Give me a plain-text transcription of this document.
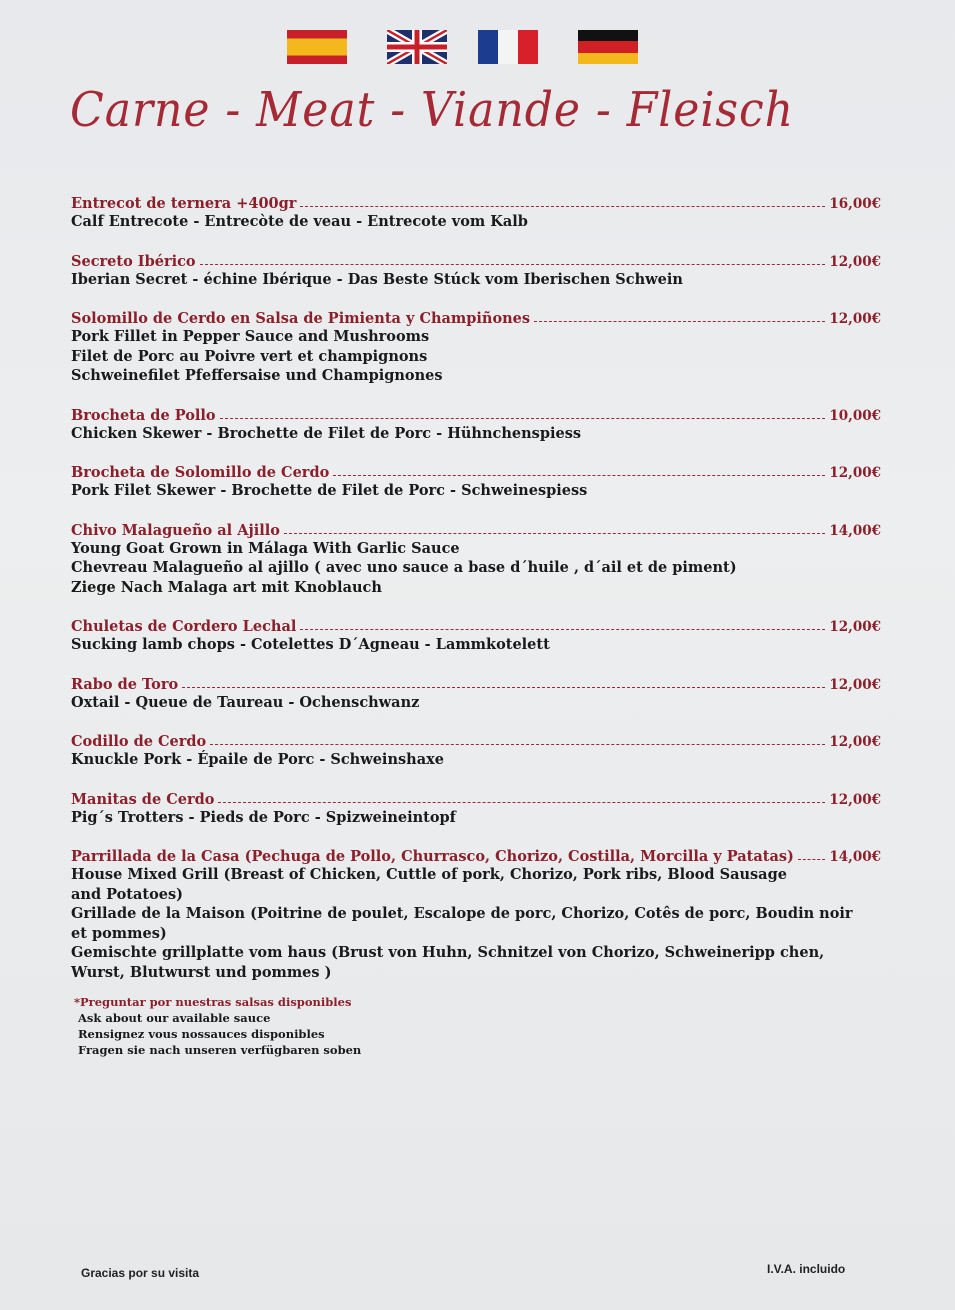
Carne - Meat - Viande - Fleisch
Entrecot de ternera +400gr	16,00€
Calf Entrecote - Entrecòte de veau - Entrecote vom Kalb
Secreto Ibérico	12,00€
Iberian Secret - échine Ibérique - Das Beste Stúck vom Iberischen Schwein
Solomillo de Cerdo en Salsa de Pimienta y Champiñones	12,00€
Pork Fillet in Pepper Sauce and Mushrooms
Filet de Porc au Poivre vert et champignons
Schweinefilet Pfeffersaise und Champignones
Brocheta de Pollo	10,00€
Chicken Skewer - Brochette de Filet de Porc - Hühnchenspiess
Brocheta de Solomillo de Cerdo	12,00€
Pork Filet Skewer - Brochette de Filet de Porc - Schweinespiess
Chivo Malagueño al Ajillo	14,00€
Young Goat Grown in Málaga With Garlic Sauce
Chevreau Malagueño al ajillo ( avec uno sauce a base d´huile , d´ail et de piment)
Ziege Nach Malaga art mit Knoblauch
Chuletas de Cordero Lechal	12,00€
Sucking lamb chops - Cotelettes D´Agneau - Lammkotelett
Rabo de Toro	12,00€
Oxtail - Queue de Taureau - Ochenschwanz
Codillo de Cerdo	12,00€
Knuckle Pork - Épaile de Porc - Schweinshaxe
Manitas de Cerdo	12,00€
Pig´s Trotters - Pieds de Porc - Spizweineintopf
Parrillada de la Casa (Pechuga de Pollo, Churrasco, Chorizo, Costilla, Morcilla y Patatas)	14,00€
House Mixed Grill (Breast of Chicken, Cuttle of pork, Chorizo, Pork ribs, Blood Sausage
and Potatoes)
Grillade de la Maison (Poitrine de poulet, Escalope de porc, Chorizo, Cotês de porc, Boudin noir
et pommes)
Gemischte grillplatte vom haus (Brust von Huhn, Schnitzel von Chorizo, Schweineripp chen,
Wurst, Blutwurst und pommes )
*Preguntar por nuestras salsas disponibles
Ask about our available sauce
Rensignez vous nossauces disponibles
Fragen sie nach unseren verfügbaren soben
Gracias por su visita	I.V.A. incluido
